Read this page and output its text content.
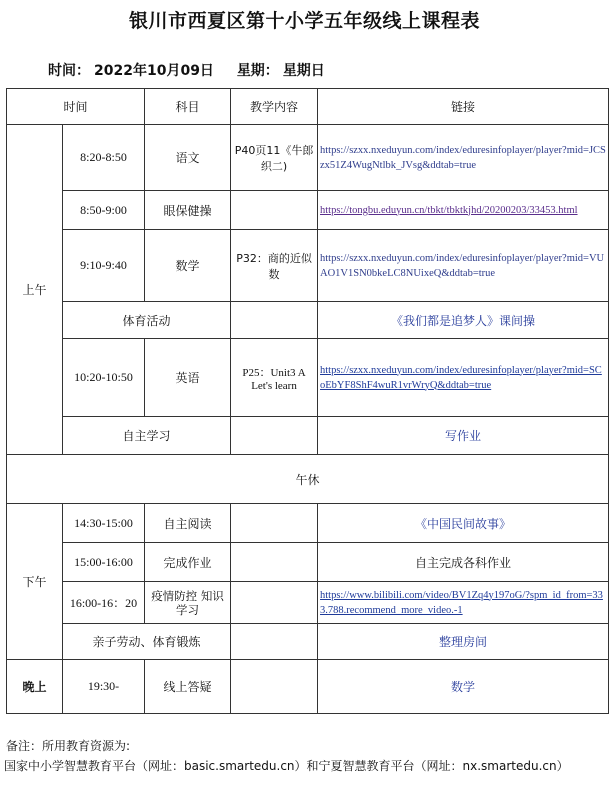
银川市西夏区第十小学五年级线上课程表
时间： 2022年10月09日 星期： 星期日
时间		科目	教学内容	链接
上午	8:20-8:50	语文	P40页11《牛郎织二)	https://szxx.nxeduyun.com/index/eduresinfoplayer/player?mid=JCSzx51Z4WugNtlbk_JVsg&ddtab=true
	8:50-9:00	眼保健操		https://tongbu.eduyun.cn/tbkt/tbktkjhd/20200203/33453.html
	9:10-9:40	数学	P32：商的近似数	https://szxx.nxeduyun.com/index/eduresinfoplayer/player?mid=VUAO1V1SN0bkeLC8NUixeQ&ddtab=true
	体育活动			《我们都是追梦人》课间操
	10:20-10:50	英语	P25：Unit3 A Let's learn	https://szxx.nxeduyun.com/index/eduresinfoplayer/player?mid=SCoEbYF8ShF4wuR1vrWryQ&ddtab=true
	自主学习			写作业
午休				
下午	14:30-15:00	自主阅读		《中国民间故事》
	15:00-16:00	完成作业		自主完成各科作业
	16:00-16：20	疫情防控 知识学习		https://www.bilibili.com/video/BV1Zq4y197oG/?spm_id_from=333.788.recommend_more_video.-1
	亲子劳动、体育锻炼			整理房间
晚上	19:30-	线上答疑		数学
备注：所用教育资源为:
国家中小学智慧教育平台（网址：basic.smartedu.cn）和宁夏智慧教育平台（网址：nx.smartedu.cn）
